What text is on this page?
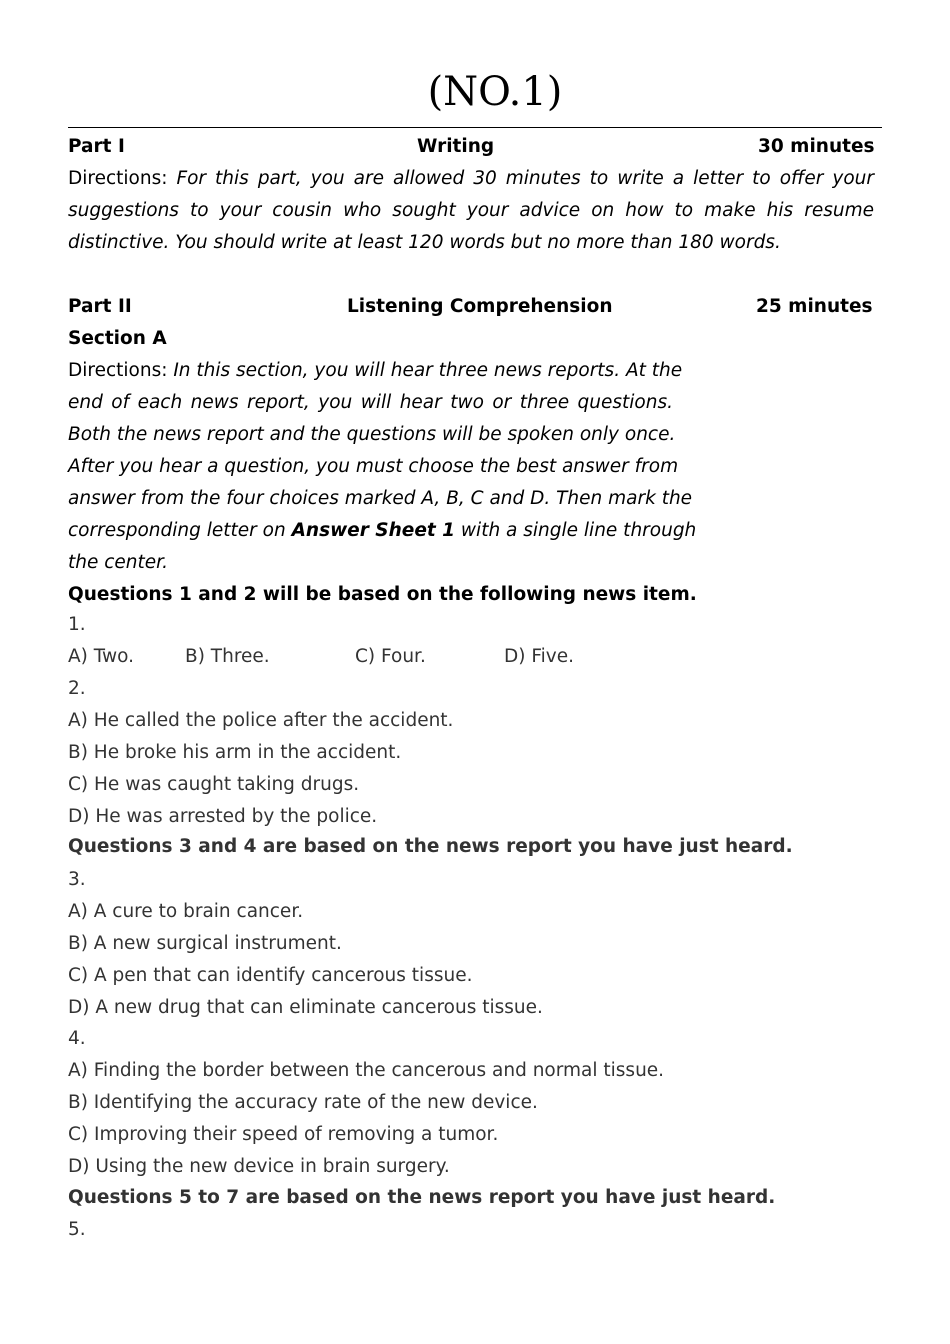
(NO.1)
Part I	Writing	30 minutes
Directions: For this part, you are allowed 30 minutes to write a letter to offer your
suggestions to your cousin who sought your advice on how to make his resume
distinctive. You should write at least 120 words but no more than 180 words.
Part II	Listening Comprehension	25 minutes
Section A
Directions: In this section, you will hear three news reports. At the
end of each news report, you will hear two or three questions.
Both the news report and the questions will be spoken only once.
After you hear a question, you must choose the best answer from
answer from the four choices marked A, B, C and D. Then mark the
corresponding letter on Answer Sheet 1 with a single line through
the center.
Questions 1 and 2 will be based on the following news item.
1.
A) Two.	B) Three.	C) Four.	D) Five.
2.
A) He called the police after the accident.
B) He broke his arm in the accident.
C) He was caught taking drugs.
D) He was arrested by the police.
Questions 3 and 4 are based on the news report you have just heard.
3.
A) A cure to brain cancer.
B) A new surgical instrument.
C) A pen that can identify cancerous tissue.
D) A new drug that can eliminate cancerous tissue.
4.
A) Finding the border between the cancerous and normal tissue.
B) Identifying the accuracy rate of the new device.
C) Improving their speed of removing a tumor.
D) Using the new device in brain surgery.
Questions 5 to 7 are based on the news report you have just heard.
5.
